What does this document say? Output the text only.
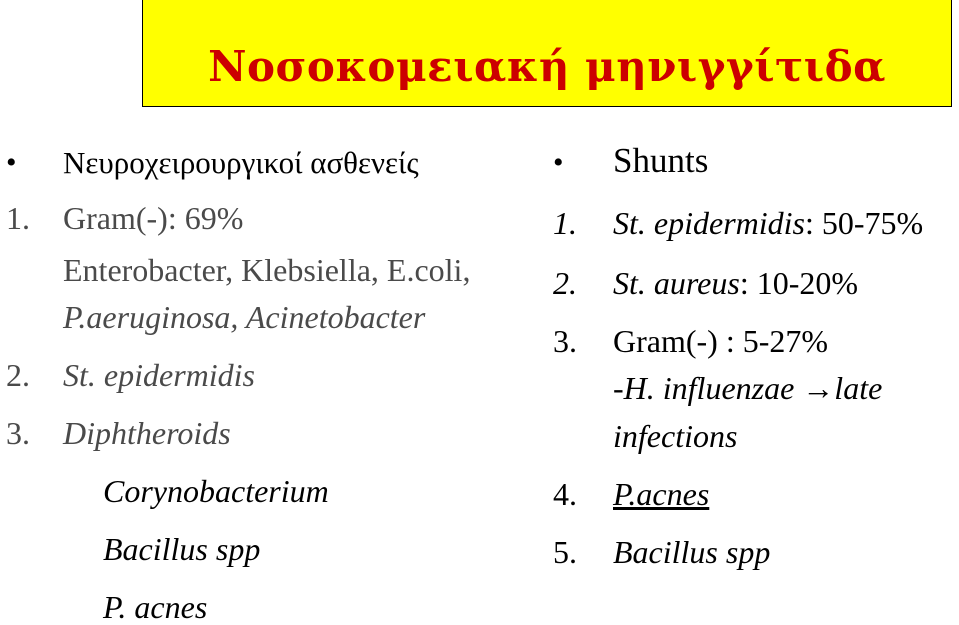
Νοσοκομειακή μηνιγγίτιδα
• Νευροχειρουργικοί ασθενείς
1. Gram(-): 69%
Enterobacter, Klebsiella, E.coli,
P.aeruginosa, Acinetobacter
2. St. epidermidis
3. Diphtheroids
Corynobacterium
Bacillus spp
P. acnes
• Shunts
1. St. epidermidis: 50-75%
2. St. aureus: 10-20%
3. Gram(-) : 5-27%
-H. influenzae →late
infections
4. P.acnes
5. Bacillus spp
